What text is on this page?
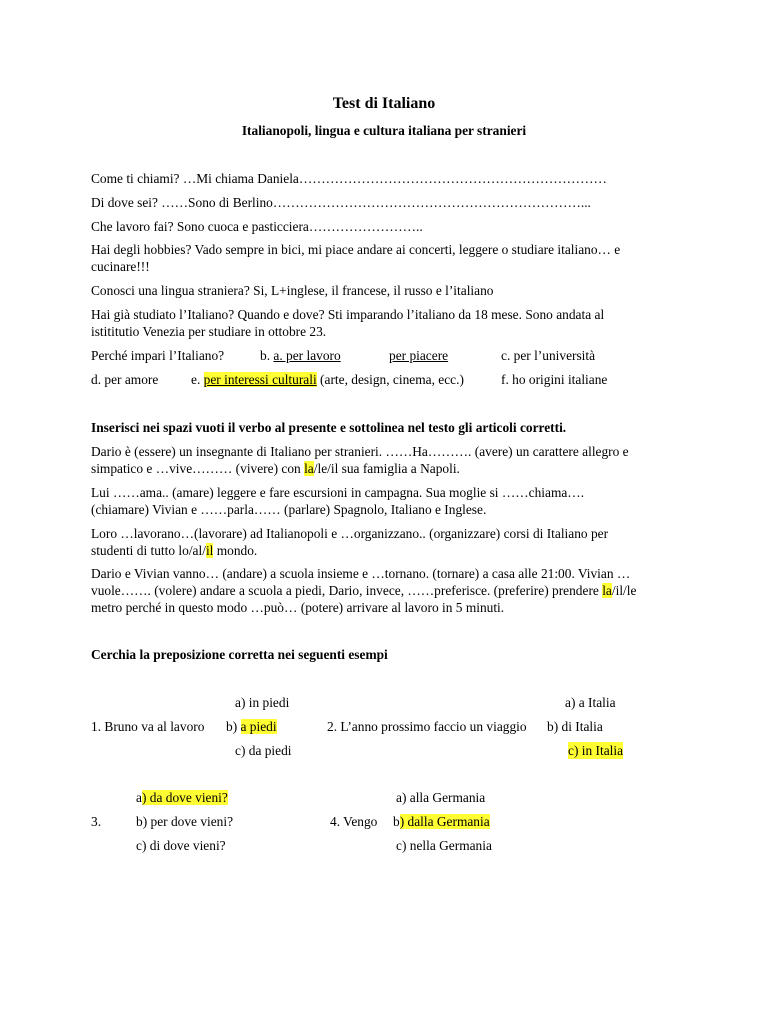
Test di Italiano
Italianopoli, lingua e cultura italiana per stranieri
Come ti chiami? …Mi chiama Daniela……………………………………………………………
Di dove sei? ……Sono di Berlino……………………………………………………………...
Che lavoro fai? Sono cuoca e pasticciera……………………..
Hai degli hobbies? Vado sempre in bici, mi piace andare ai concerti, leggere o studiare italiano… e
cucinare!!!
Conosci una lingua straniera? Si, L+inglese, il francese, il russo e l’italiano
Hai già studiato l’Italiano? Quando e dove? Sti imparando l’italiano da 18 mese. Sono andata al
istititutio Venezia per studiare in ottobre 23.
Perché impari l’Italiano?	b. a. per lavoro	per piacere	c. per l’università
d. per amore e. per interessi culturali (arte, design, cinema, ecc.)	f. ho origini italiane
Inserisci nei spazi vuoti il verbo al presente e sottolinea nel testo gli articoli corretti.
Dario è (essere) un insegnante di Italiano per stranieri. ……Ha………. (avere) un carattere allegro e
simpatico e …vive……… (vivere) con la/le/il sua famiglia a Napoli.
Lui ……ama.. (amare) leggere e fare escursioni in campagna. Sua moglie si ……chiama….
(chiamare) Vivian e ……parla…… (parlare) Spagnolo, Italiano e Inglese.
Loro …lavorano…(lavorare) ad Italianopoli e …organizzano.. (organizzare) corsi di Italiano per
studenti di tutto lo/al/il mondo.
Dario e Vivian vanno… (andare) a scuola insieme e …tornano. (tornare) a casa alle 21:00. Vivian …
vuole……. (volere) andare a scuola a piedi, Dario, invece, ……preferisce. (preferire) prendere la/il/le
metro perché in questo modo …può… (potere) arrivare al lavoro in 5 minuti.
Cerchia la preposizione corretta nei seguenti esempi
a) in piedi	a) a Italia
1. Bruno va al lavoro b) a piedi	2. L’anno prossimo faccio un viaggio b) di Italia
c) da piedi	c) in Italia
a) da dove vieni?	a) alla Germania
3.	b) per dove vieni?	4. Vengo b) dalla Germania
c) di dove vieni?	c) nella Germania
